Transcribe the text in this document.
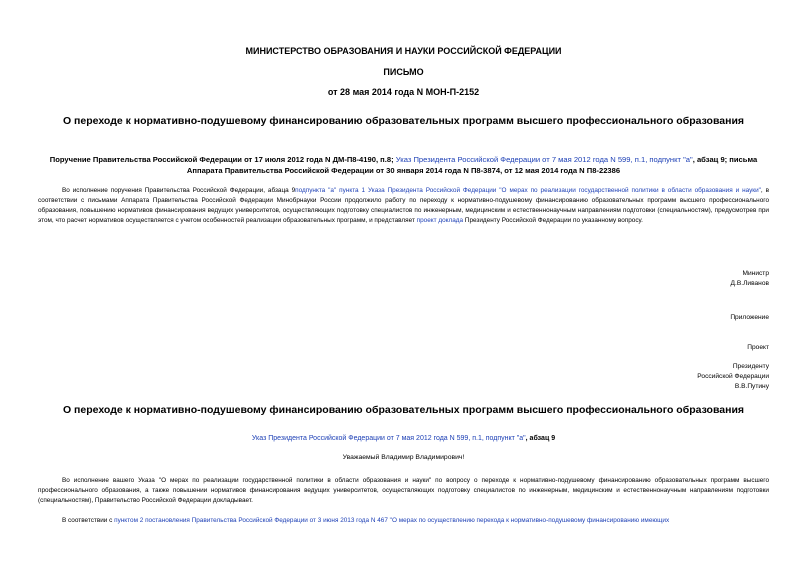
МИНИСТЕРСТВО ОБРАЗОВАНИЯ И НАУКИ РОССИЙСКОЙ ФЕДЕРАЦИИ
ПИСЬМО
от 28 мая 2014 года N МОН-П-2152
О переходе к нормативно-подушевому финансированию образовательных программ высшего профессионального образования
Поручение Правительства Российской Федерации от 17 июля 2012 года N ДМ-П8-4190, п.8; Указ Президента Российской Федерации от 7 мая 2012 года N 599, п.1, подпункт "а", абзац 9; письма Аппарата Правительства Российской Федерации от 30 января 2014 года N П8-3874, от 12 мая 2014 года N П8-22386

Во исполнение поручения Правительства Российской Федерации, абзаца 9подпункта "а" пункта 1 Указа Президента Российской Федерации "О мерах по реализации государственной политики в области образования и науки", в соответствии с письмами Аппарата Правительства Российской Федерации Минобрнауки России продолжило работу по переходу к нормативно-подушевому финансированию образовательных программ высшего профессионального образования, повышению нормативов финансирования ведущих университетов, осуществляющих подготовку специалистов по инженерным, медицинским и естественнонаучным направлениям подготовки (специальностям), предусмотрев при этом, что расчет нормативов осуществляется с учетом особенностей реализации образовательных программ, и представляет проект доклада Президенту Российской Федерации по указанному вопросу.

Министр
Д.В.Ливанов
Приложение
Проект
Президенту
Российской Федерации
В.В.Путину
О переходе к нормативно-подушевому финансированию образовательных программ высшего профессионального образования
Указ Президента Российской Федерации от 7 мая 2012 года N 599, п.1, подпункт "а", абзац 9
Уважаемый Владимир Владимирович!

Во исполнение вашего Указа "О мерах по реализации государственной политики в области образования и науки" по вопросу о переходе к нормативно-подушевому финансированию образовательных программ высшего профессионального образования, а также повышении нормативов финансирования ведущих университетов, осуществляющих подготовку специалистов по инженерным, медицинским и естественнонаучным направлениям подготовки (специальностям), Правительство Российской Федерации докладывает.

В соответствии с пунктом 2 постановления Правительства Российской Федерации от 3 июня 2013 года N 467 "О мерах по осуществлению перехода к нормативно-подушевому финансированию имеющих
